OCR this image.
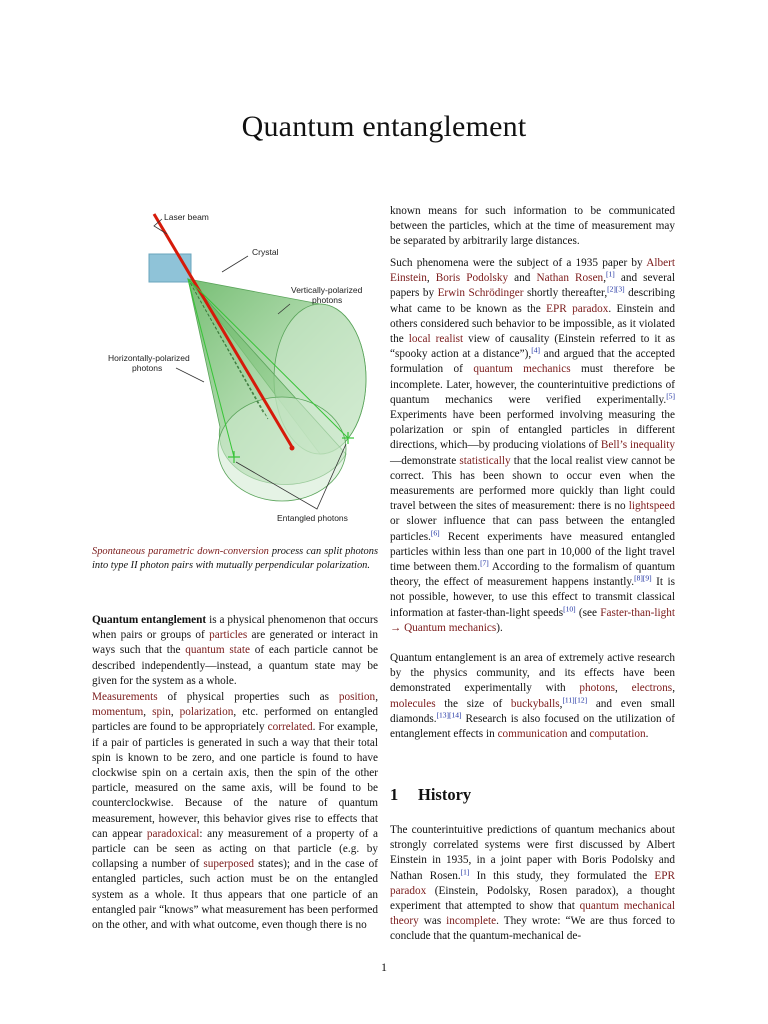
Quantum entanglement
Laser beam
Crystal
Vertically-polarized
photons
Horizontally-polarized
photons
Entangled photons

Spontaneous parametric down-conversion process can split photons into type II photon pairs with mutually perpendicular polarization.

Quantum entanglement is a physical phenomenon that occurs when pairs or groups of particles are generated or interact in ways such that the quantum state of each particle cannot be described independently—instead, a quantum state may be given for the system as a whole.

Measurements of physical properties such as position, momentum, spin, polarization, etc. performed on entangled particles are found to be appropriately correlated. For example, if a pair of particles is generated in such a way that their total spin is known to be zero, and one particle is found to have clockwise spin on a certain axis, then the spin of the other particle, measured on the same axis, will be found to be counterclockwise. Because of the nature of quantum measurement, however, this behavior gives rise to effects that can appear paradoxical: any measurement of a property of a particle can be seen as acting on that particle (e.g. by collapsing a number of superposed states); and in the case of entangled particles, such action must be on the entangled system as a whole. It thus appears that one particle of an entangled pair “knows” what measurement has been performed on the other, and with what outcome, even though there is no

known means for such information to be communicated between the particles, which at the time of measurement may be separated by arbitrarily large distances.

Such phenomena were the subject of a 1935 paper by Albert Einstein, Boris Podolsky and Nathan Rosen,[1] and several papers by Erwin Schrödinger shortly thereafter,[2][3] describing what came to be known as the EPR paradox. Einstein and others considered such behavior to be impossible, as it violated the local realist view of causality (Einstein referred to it as “spooky action at a distance”),[4] and argued that the accepted formulation of quantum mechanics must therefore be incomplete. Later, however, the counterintuitive predictions of quantum mechanics were verified experimentally.[5] Experiments have been performed involving measuring the polarization or spin of entangled particles in different directions, which—by producing violations of Bell’s inequality—demonstrate statistically that the local realist view cannot be correct. This has been shown to occur even when the measurements are performed more quickly than light could travel between the sites of measurement: there is no lightspeed or slower influence that can pass between the entangled particles.[6] Recent experiments have measured entangled particles within less than one part in 10,000 of the light travel time between them.[7] According to the formalism of quantum theory, the effect of measurement happens instantly.[8][9] It is not possible, however, to use this effect to transmit classical information at faster-than-light speeds[10] (see Faster-than-light → Quantum mechanics).

Quantum entanglement is an area of extremely active research by the physics community, and its effects have been demonstrated experimentally with photons, electrons, molecules the size of buckyballs,[11][12] and even small diamonds.[13][14] Research is also focused on the utilization of entanglement effects in communication and computation.

1 History

The counterintuitive predictions of quantum mechanics about strongly correlated systems were first discussed by Albert Einstein in 1935, in a joint paper with Boris Podolsky and Nathan Rosen.[1] In this study, they formulated the EPR paradox (Einstein, Podolsky, Rosen paradox), a thought experiment that attempted to show that quantum mechanical theory was incomplete. They wrote: “We are thus forced to conclude that the quantum-mechanical de-

1
